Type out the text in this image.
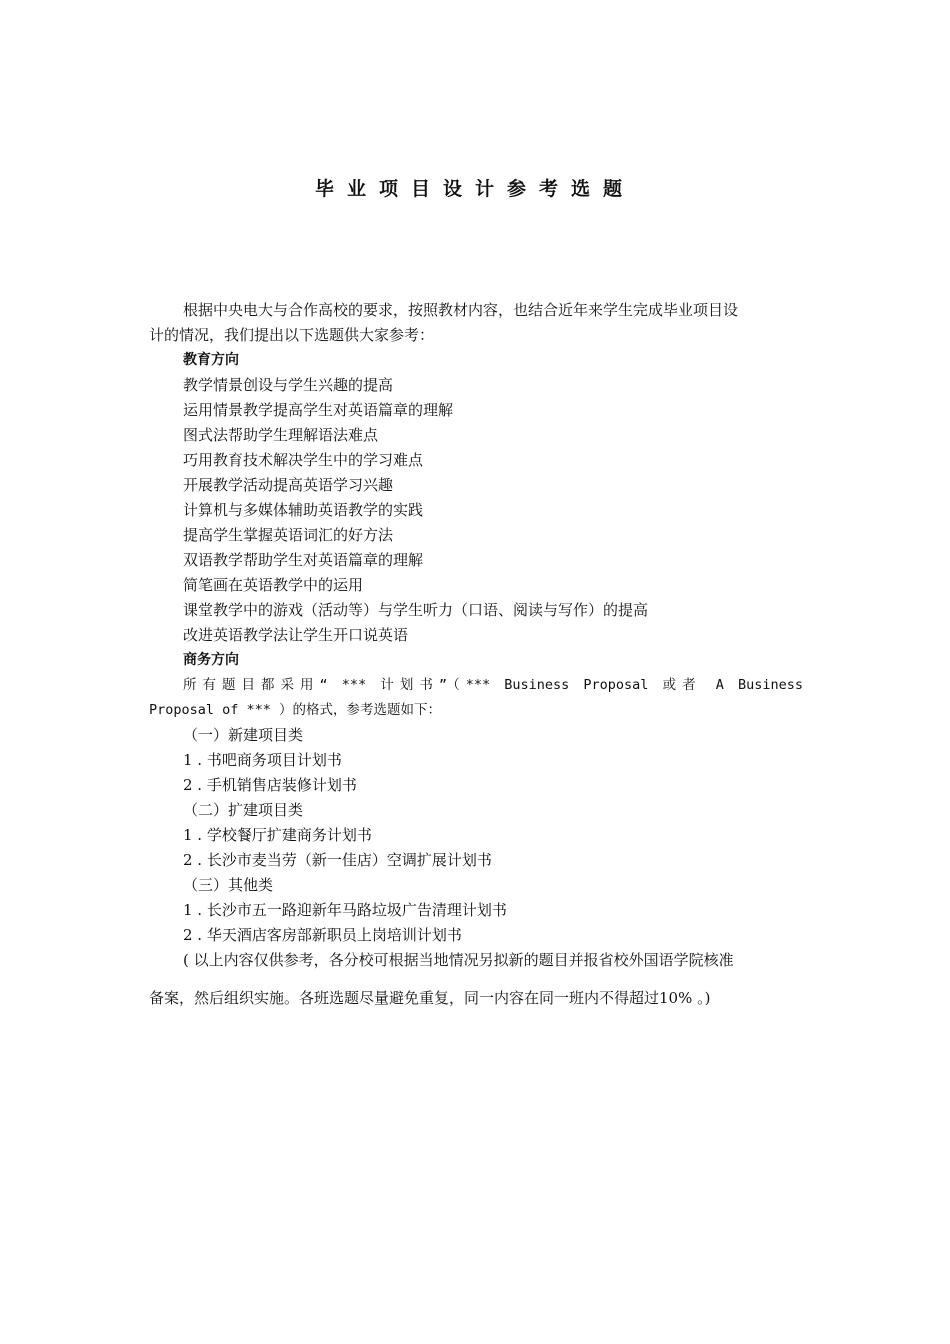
毕业项目设计参考选题
根据中央电大与合作高校的要求，按照教材内容，也结合近年来学生完成毕业项目设
计的情况，我们提出以下选题供大家参考：
教育方向
教学情景创设与学生兴趣的提高
运用情景教学提高学生对英语篇章的理解
图式法帮助学生理解语法难点
巧用教育技术解决学生中的学习难点
开展教学活动提高英语学习兴趣
计算机与多媒体辅助英语教学的实践
提高学生掌握英语词汇的好方法
双语教学帮助学生对英语篇章的理解
简笔画在英语教学中的运用
课堂教学中的游戏（活动等）与学生听力（口语、阅读与写作）的提高
改进英语教学法让学生开口说英语
商务方向
所有题目都采用“ *** 计划书”（*** Business Proposal 或者 A Business
Proposal of *** ）的格式，参考选题如下：
（一）新建项目类
1 . 书吧商务项目计划书
2 . 手机销售店装修计划书
（二）扩建项目类
1 . 学校餐厅扩建商务计划书
2 . 长沙市麦当劳（新一佳店）空调扩展计划书
（三）其他类
1 . 长沙市五一路迎新年马路垃圾广告清理计划书
2 . 华天酒店客房部新职员上岗培训计划书
( 以上内容仅供参考，各分校可根据当地情况另拟新的题目并报省校外国语学院核准
备案，然后组织实施。各班选题尽量避免重复，同一内容在同一班内不得超过10% 。)
